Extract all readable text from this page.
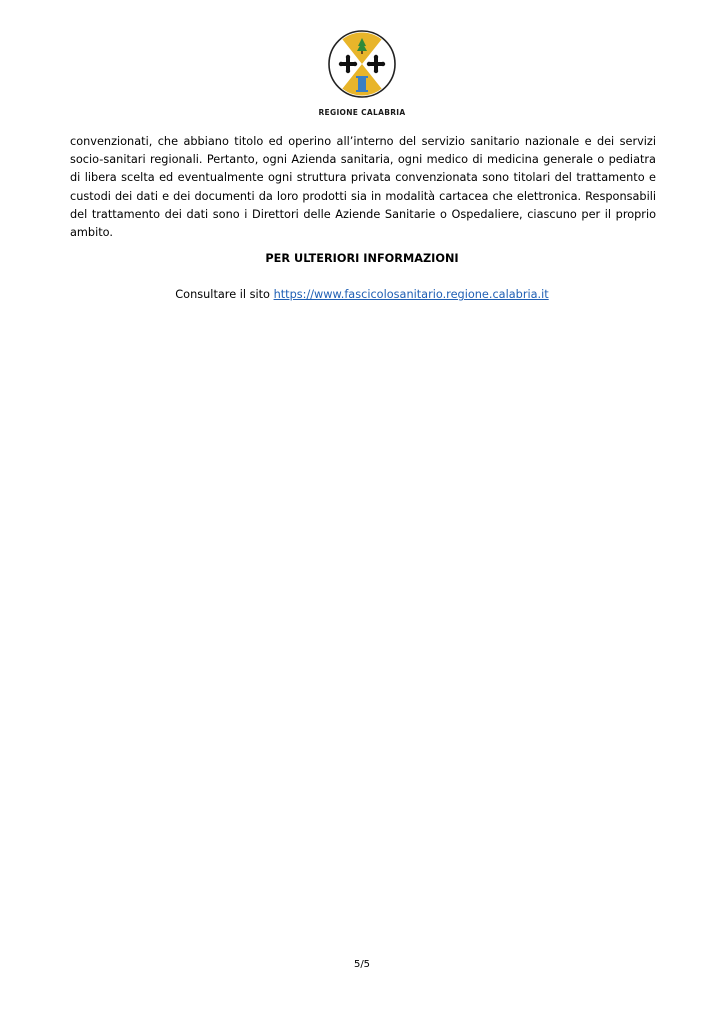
REGIONE CALABRIA

convenzionati, che abbiano titolo ed operino all’interno del servizio sanitario nazionale e dei servizi socio-sanitari regionali. Pertanto, ogni Azienda sanitaria, ogni medico di medicina generale o pediatra di libera scelta ed eventualmente ogni struttura privata convenzionata sono titolari del trattamento e custodi dei dati e dei documenti da loro prodotti sia in modalità cartacea che elettronica. Responsabili del trattamento dei dati sono i Direttori delle Aziende Sanitarie o Ospedaliere, ciascuno per il proprio ambito.

PER ULTERIORI INFORMAZIONI

Consultare il sito https://www.fascicolosanitario.regione.calabria.it

5/5
